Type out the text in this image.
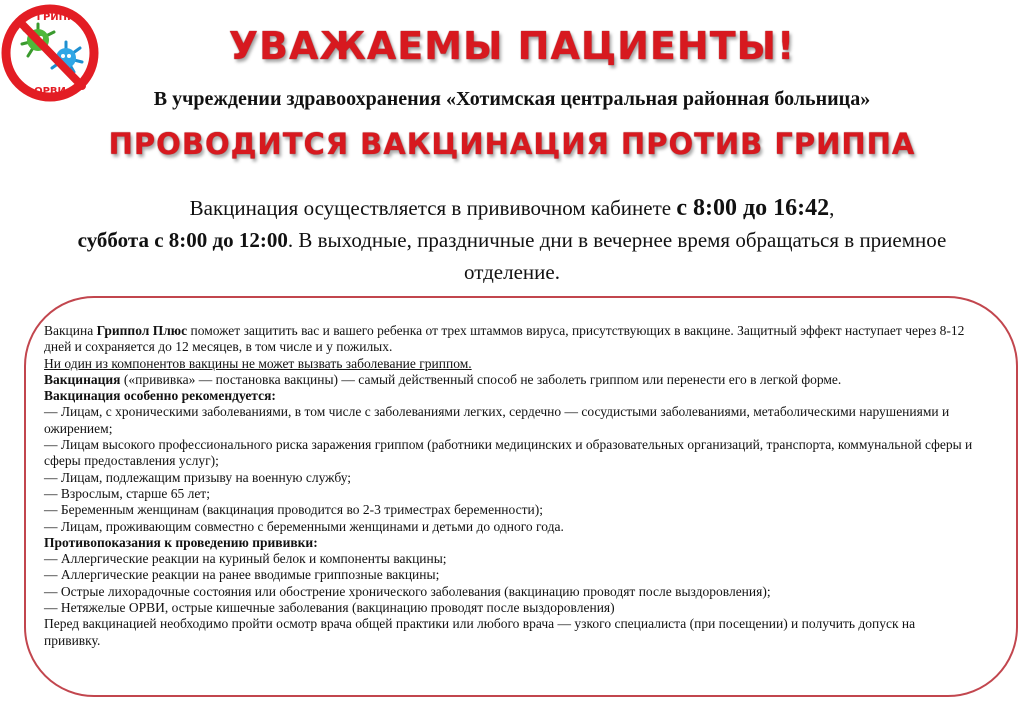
ГРИПП
ОРВИ
УВАЖАЕМЫ ПАЦИЕНТЫ!
В учреждении здравоохранения «Хотимская центральная районная больница»
ПРОВОДИТСЯ ВАКЦИНАЦИЯ ПРОТИВ ГРИППА
Вакцинация осуществляется в прививочном кабинете с 8:00 до 16:42,
суббота с 8:00 до 12:00. В выходные, праздничные дни в вечернее время обращаться в приемное отделение.

Вакцина Гриппол Плюс поможет защитить вас и вашего ребенка от трех штаммов вируса, присутствующих в вакцине. Защитный эффект наступает через 8-12 дней и сохраняется до 12 месяцев, в том числе и у пожилых.

Ни один из компонентов вакцины не может вызвать заболевание гриппом.

Вакцинация («прививка» — постановка вакцины) — самый действенный способ не заболеть гриппом или перенести его в легкой форме.

Вакцинация особенно рекомендуется:

— Лицам, с хроническими заболеваниями, в том числе с заболеваниями легких, сердечно — сосудистыми заболеваниями, метаболическими нарушениями и ожирением;

— Лицам высокого профессионального риска заражения гриппом (работники медицинских и образовательных организаций, транспорта, коммунальной сферы и сферы предоставления услуг);

— Лицам, подлежащим призыву на военную службу;

— Взрослым, старше 65 лет;

— Беременным женщинам (вакцинация проводится во 2-3 триместрах беременности);

— Лицам, проживающим совместно с беременными женщинами и детьми до одного года.

Противопоказания к проведению прививки:

— Аллергические реакции на куриный белок и компоненты вакцины;

— Аллергические реакции на ранее вводимые гриппозные вакцины;

— Острые лихорадочные состояния или обострение хронического заболевания (вакцинацию проводят после выздоровления);

— Нетяжелые ОРВИ, острые кишечные заболевания (вакцинацию проводят после выздоровления)

Перед вакцинацией необходимо пройти осмотр врача общей практики или любого врача — узкого специалиста (при посещении) и получить допуск на прививку.
